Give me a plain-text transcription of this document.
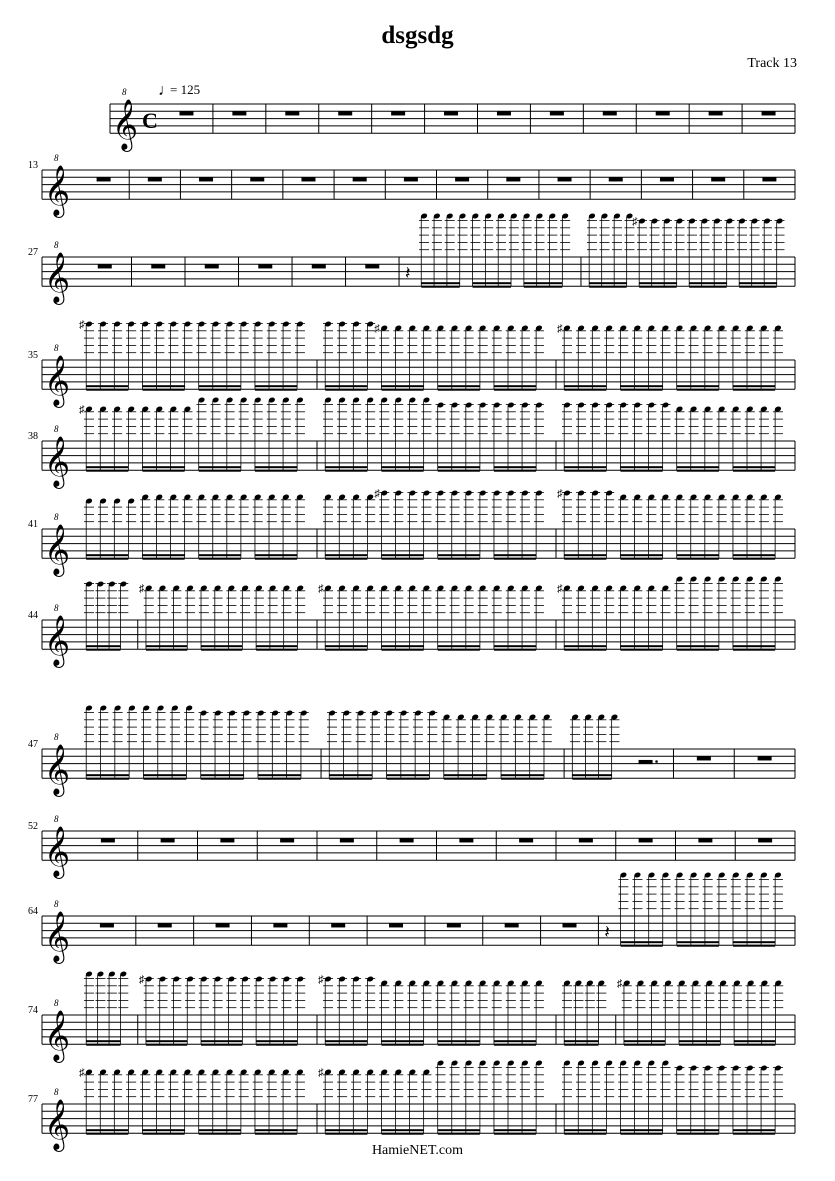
dsgsdg
Track 13
𝄞
8
C
♩
= 125
𝄞
8
13
𝄞
8
27
𝄽
♯
𝄞
8
35
♯	♯	♯
𝄞
8
38
♯
𝄞
8
41
♯	♯
𝄞
8
44
♯	♯	♯
𝄞
8
47
𝄞
8
52
𝄞
8
64
𝄽
𝄞
8
74
♯	♯	♯
𝄞
8
77
♯	♯
HamieNET.com
